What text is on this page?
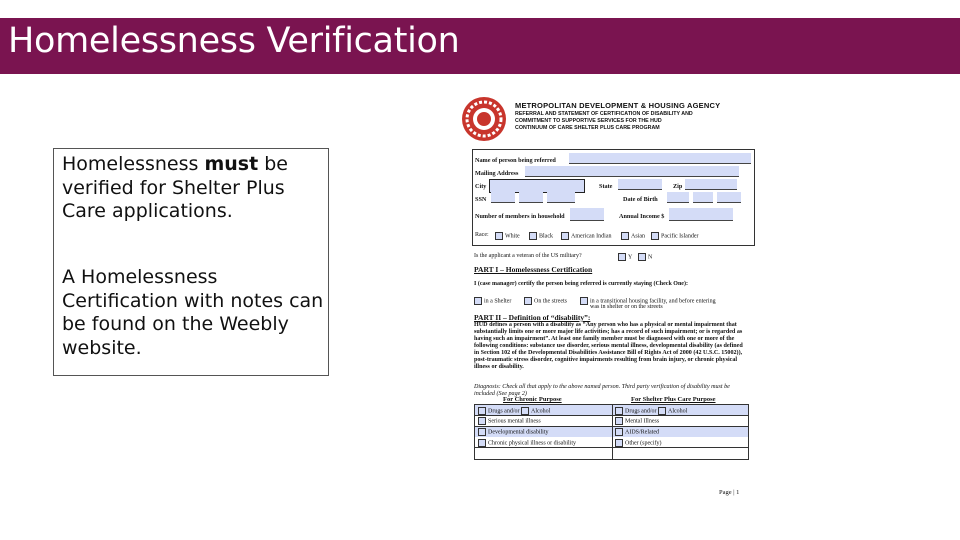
Homelessness Verification

Homelessness must be verified for Shelter Plus Care applications.

A Homelessness Certification with notes can be found on the Weebly website.

METROPOLITAN DEVELOPMENT & HOUSING AGENCY
REFERRAL AND STATEMENT OF CERTIFICATION OF DISABILITY AND
COMMITMENT TO SUPPORTIVE SERVICES FOR THE HUD
CONTINUUM OF CARE SHELTER PLUS CARE PROGRAM
Name of person being referred
Mailing Address
City	State	Zip
SSN	Date of Birth
Number of members in household	Annual Income $
Race:	White	Black	American Indian	Asian	Pacific Islander
Is the applicant a veteran of the US military?	Y	N
PART I – Homelessness Certification
I (case manager) certify the person being referred is currently staying (Check One):
in a Shelter	On the streets	in a transitional housing facility, and before entering
was in shelter or on the streets
PART II – Definition of “disability”:
HUD defines a person with a disability as “Any person who has a physical or mental impairment that substantially limits one or more major life activities; has a record of such impairment; or is regarded as having such an impairment”. At least one family member must be diagnosed with one or more of the following conditions: substance use disorder, serious mental illness, developmental disability (as defined in Section 102 of the Developmental Disabilities Assistance Bill of Rights Act of 2000 (42 U.S.C. 15002)), post-traumatic stress disorder, cognitive impairments resulting from brain injury, or chronic physical illness or disability.
Diagnosis: Check all that apply to the above named person. Third party verification of disability must be included (See page 2)
For Chronic Purpose	For Shelter Plus Care Purpose
Drugs and/or Alcohol	Drugs and/or Alcohol
Serious mental illness	Mental Illness
Developmental disability	AIDS/Related
Chronic physical illness or disability	Other (specify)
Page | 1
